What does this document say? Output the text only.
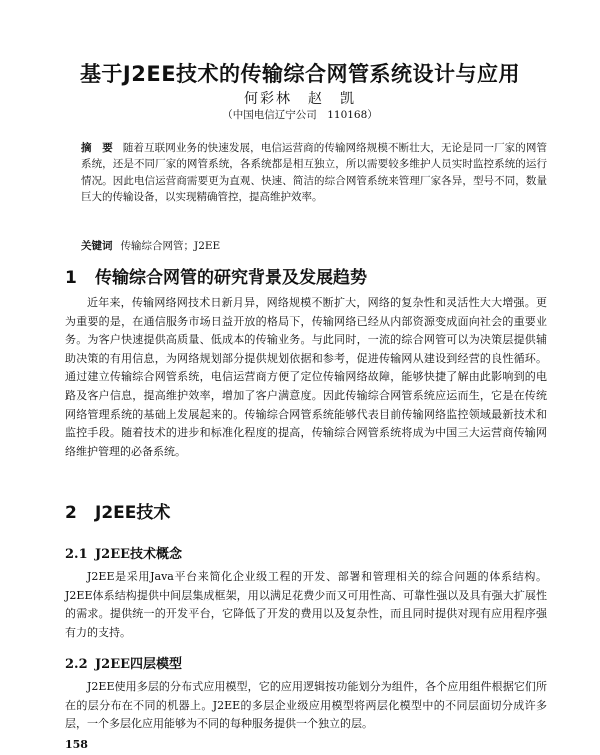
基于J2EE技术的传输综合网管系统设计与应用
何彩林　赵　凯
（中国电信辽宁公司　110168）
摘　要 随着互联网业务的快速发展，电信运营商的传输网络规模不断壮大，无论是同一厂家的网管系统，还是不同厂家的网管系统，各系统都是相互独立，所以需要较多维护人员实时监控系统的运行情况。因此电信运营商需要更为直观、快速、简洁的综合网管系统来管理厂家各异，型号不同，数量巨大的传输设备，以实现精确管控，提高维护效率。
关键词 传输综合网管；J2EE
1 传输综合网管的研究背景及发展趋势
近年来，传输网络网技术日新月异，网络规模不断扩大，网络的复杂性和灵活性大大增强。更为重要的是，在通信服务市场日益开放的格局下，传输网络已经从内部资源变成面向社会的重要业务。为客户快速提供高质量、低成本的传输业务。与此同时，一流的综合网管可以为决策层提供辅助决策的有用信息，为网络规划部分提供规划依据和参考，促进传输网从建设到经营的良性循环。通过建立传输综合网管系统，电信运营商方便了定位传输网络故障，能够快捷了解由此影响到的电路及客户信息，提高维护效率，增加了客户满意度。因此传输综合网管系统应运而生，它是在传统网络管理系统的基础上发展起来的。传输综合网管系统能够代表目前传输网络监控领域最新技术和监控手段。随着技术的进步和标准化程度的提高，传输综合网管系统将成为中国三大运营商传输网络维护管理的必备系统。
2 J2EE技术
2.1 J2EE技术概念
J2EE是采用Java平台来简化企业级工程的开发、部署和管理相关的综合问题的体系结构。J2EE体系结构提供中间层集成框架，用以满足花费少而又可用性高、可靠性强以及具有强大扩展性的需求。提供统一的开发平台，它降低了开发的费用以及复杂性，而且同时提供对现有应用程序强有力的支持。
2.2 J2EE四层模型
J2EE使用多层的分布式应用模型，它的应用逻辑按功能划分为组件，各个应用组件根据它们所在的层分布在不同的机器上。J2EE的多层企业级应用模型将两层化模型中的不同层面切分成许多层，一个多层化应用能够为不同的每种服务提供一个独立的层。
158
